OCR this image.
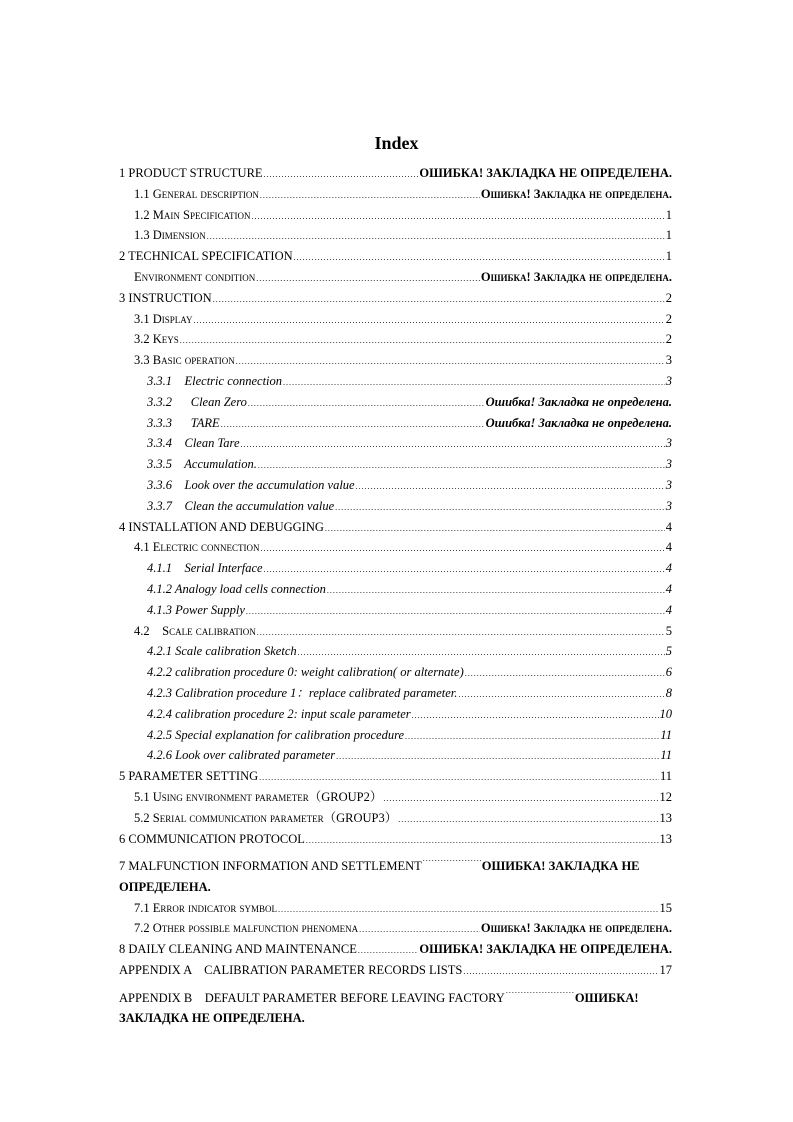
Index
1 PRODUCT STRUCTURE .....	ОШИБКА! ЗАКЛАДКА НЕ ОПРЕДЕЛЕНА.
1.1 General description .....	Ошибка! Закладка не определена.
1.2 Main Specification .....	1
1.3 Dimension .....	1
2 TECHNICAL SPECIFICATION .....	1
Environment condition .....	Ошибка! Закладка не определена.
3 INSTRUCTION .....	2
3.1 Display .....	2
3.2 Keys .....	2
3.3 Basic operation .....	3
3.3.1    Electric connection .....	3
3.3.2      Clean Zero .....	Ошибка! Закладка не определена.
3.3.3      TARE .....	Ошибка! Закладка не определена.
3.3.4    Clean Tare .....	3
3.3.5    Accumulation. .....	3
3.3.6    Look over the accumulation value .....	3
3.3.7    Clean the accumulation value .....	3
4 INSTALLATION AND DEBUGGING .....	4
4.1 Electric connection .....	4
4.1.1    Serial Interface .....	4
4.1.2 Analogy load cells connection .....	4
4.1.3 Power Supply .....	4
4.2    Scale calibration .....	5
4.2.1 Scale calibration Sketch .....	5
4.2.2 calibration procedure 0: weight calibration( or alternate) .....	6
4.2.3 Calibration procedure 1：replace calibrated parameter. .....	8
4.2.4 calibration procedure 2: input scale parameter .....	10
4.2.5 Special explanation for calibration procedure .....	11
4.2.6 Look over calibrated parameter .....	11
5 PARAMETER SETTING .....	11
5.1 Using environment parameter（GROUP2） .....	12
5.2 Serial communication parameter（GROUP3） .....	13
6 COMMUNICATION PROTOCOL .....	13
7 MALFUNCTION INFORMATION AND SETTLEMENT .....	ОШИБКА! ЗАКЛАДКА НЕ ОПРЕДЕЛЕНА.
7.1 Error indicator symbol .....	15
7.2 Other possible malfunction phenomena .....	Ошибка! Закладка не определена.
8 DAILY CLEANING AND MAINTENANCE .....	ОШИБКА! ЗАКЛАДКА НЕ ОПРЕДЕЛЕНА.
APPENDIX A    CALIBRATION PARAMETER RECORDS LISTS .....	17
APPENDIX B    DEFAULT PARAMETER BEFORE LEAVING FACTORY .....	ОШИБКА! ЗАКЛАДКА НЕ ОПРЕДЕЛЕНА.
